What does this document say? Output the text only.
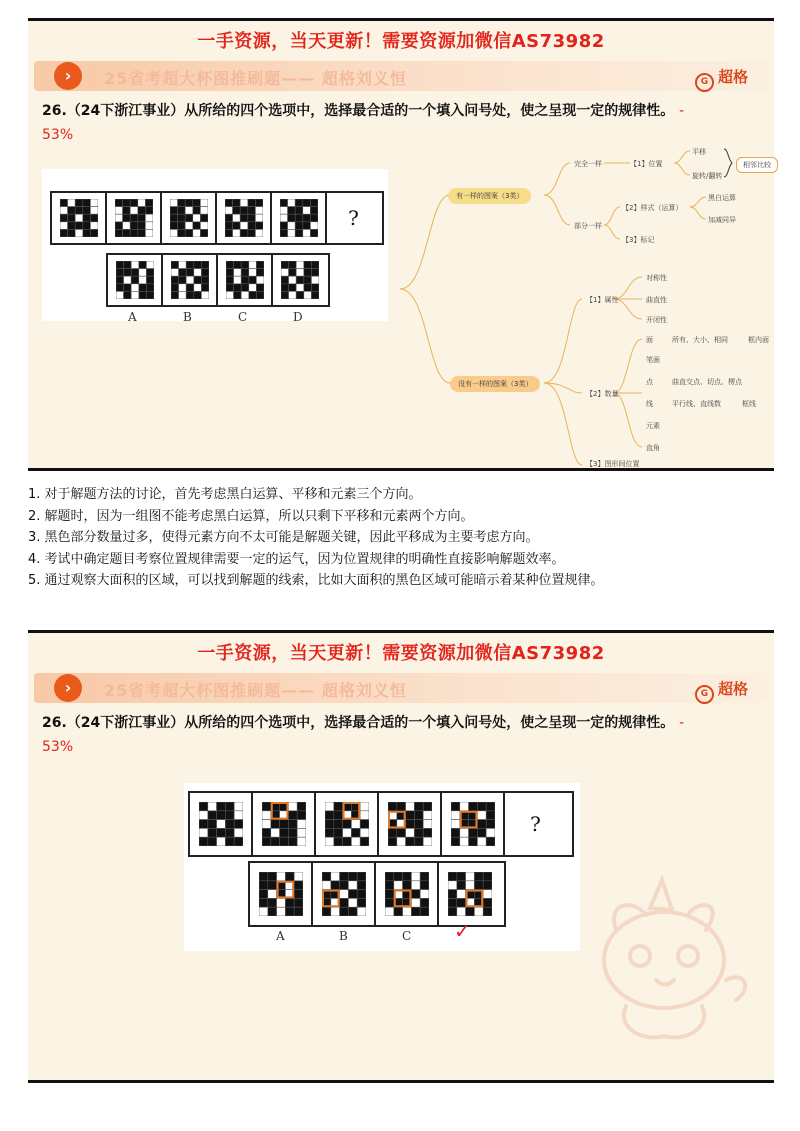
一手资源，当天更新！需要资源加微信AS73982
›	25省考超大杯图推刷题—— 超格刘义恒	G 超格
26.（24下浙江事业）从所给的四个选项中，选择最合适的一个填入问号处，使之呈现一定的规律性。 -
53%
?
A	B	C	D
有一样的图案（3类）
完全一样	【1】位置
平移
旋转/翻转
相邻比较
部分一样
【2】样式（运算）
黑白运算
加减同异
【3】标记
没有一样的图案（3类）
【1】属性
对称性
曲直性
开闭性
【2】数量
面	所有、大小、相同	框内面
笔画
点	曲直交点、切点、楞点
线	平行线、直线数	框线
元素
直角
【3】图形间位置
1. 对于解题方法的讨论，首先考虑黑白运算、平移和元素三个方向。
2. 解题时，因为一组图不能考虑黑白运算，所以只剩下平移和元素两个方向。
3. 黑色部分数量过多，使得元素方向不太可能是解题关键，因此平移成为主要考虑方向。
4. 考试中确定题目考察位置规律需要一定的运气，因为位置规律的明确性直接影响解题效率。
5. 通过观察大面积的区域，可以找到解题的线索，比如大面积的黑色区域可能暗示着某种位置规律。
一手资源，当天更新！需要资源加微信AS73982
›	25省考超大杯图推刷题—— 超格刘义恒	G 超格
26.（24下浙江事业）从所给的四个选项中，选择最合适的一个填入问号处，使之呈现一定的规律性。 -
53%
?
A	B	C ✓
